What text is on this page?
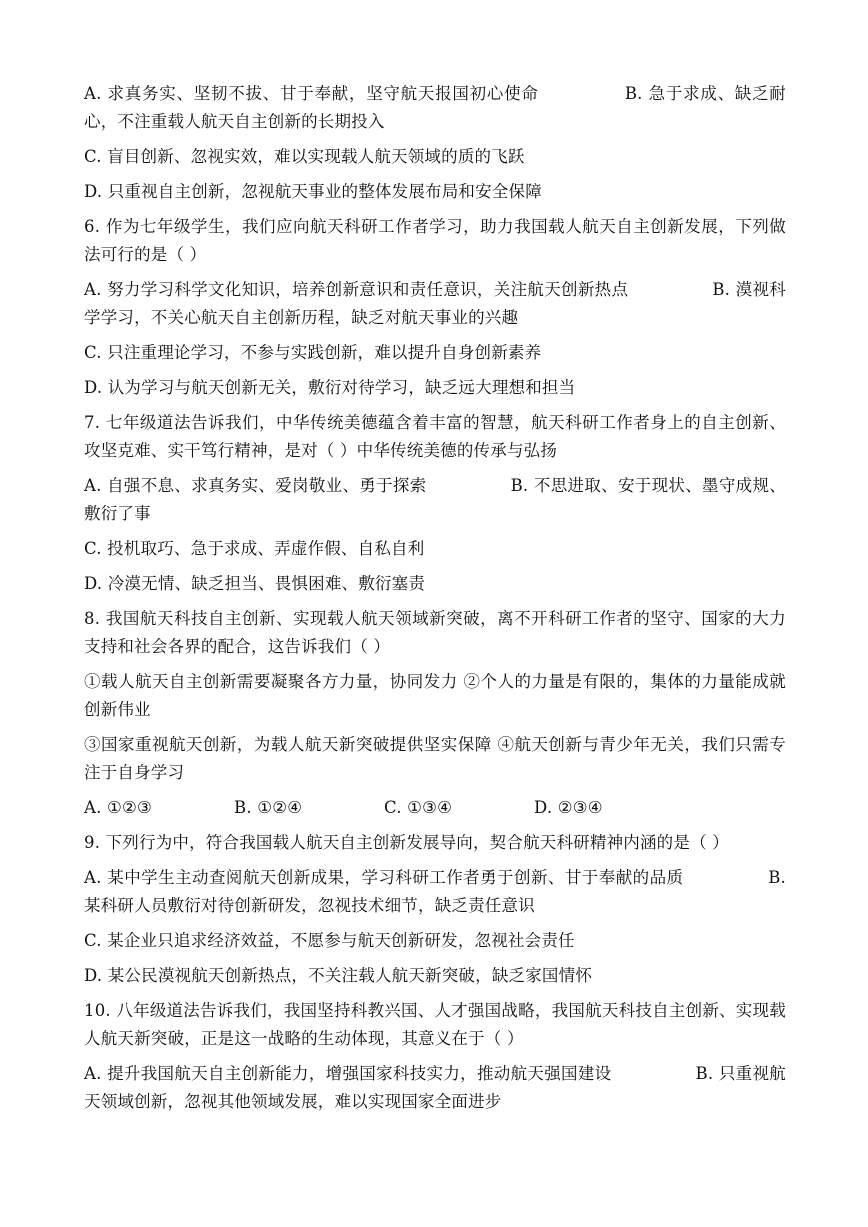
A. 求真务实、坚韧不拔、甘于奉献，坚守航天报国初心使命　　　　　B. 急于求成、缺乏耐心，不注重载人航天自主创新的长期投入

C. 盲目创新、忽视实效，难以实现载人航天领域的质的飞跃

D. 只重视自主创新，忽视航天事业的整体发展布局和安全保障

6. 作为七年级学生，我们应向航天科研工作者学习，助力我国载人航天自主创新发展，下列做法可行的是（ ）

A. 努力学习科学文化知识，培养创新意识和责任意识，关注航天创新热点　　　　　B. 漠视科学学习，不关心航天自主创新历程，缺乏对航天事业的兴趣

C. 只注重理论学习，不参与实践创新，难以提升自身创新素养

D. 认为学习与航天创新无关，敷衍对待学习，缺乏远大理想和担当

7. 七年级道法告诉我们，中华传统美德蕴含着丰富的智慧，航天科研工作者身上的自主创新、攻坚克难、实干笃行精神，是对（ ）中华传统美德的传承与弘扬

A. 自强不息、求真务实、爱岗敬业、勇于探索　　　　　B. 不思进取、安于现状、墨守成规、敷衍了事

C. 投机取巧、急于求成、弄虚作假、自私自利

D. 冷漠无情、缺乏担当、畏惧困难、敷衍塞责

8. 我国航天科技自主创新、实现载人航天领域新突破，离不开科研工作者的坚守、国家的大力支持和社会各界的配合，这告诉我们（ ）

①载人航天自主创新需要凝聚各方力量，协同发力 ②个人的力量是有限的，集体的力量能成就创新伟业

③国家重视航天创新，为载人航天新突破提供坚实保障 ④航天创新与青少年无关，我们只需专注于自身学习

A. ①②③	B. ①②④	C. ①③④	D. ②③④

9. 下列行为中，符合我国载人航天自主创新发展导向，契合航天科研精神内涵的是（ ）

A. 某中学生主动查阅航天创新成果，学习科研工作者勇于创新、甘于奉献的品质　　　　　B. 某科研人员敷衍对待创新研发，忽视技术细节，缺乏责任意识

C. 某企业只追求经济效益，不愿参与航天创新研发，忽视社会责任

D. 某公民漠视航天创新热点，不关注载人航天新突破，缺乏家国情怀

10. 八年级道法告诉我们，我国坚持科教兴国、人才强国战略，我国航天科技自主创新、实现载人航天新突破，正是这一战略的生动体现，其意义在于（ ）

A. 提升我国航天自主创新能力，增强国家科技实力，推动航天强国建设　　　　　B. 只重视航天领域创新，忽视其他领域发展，难以实现国家全面进步
